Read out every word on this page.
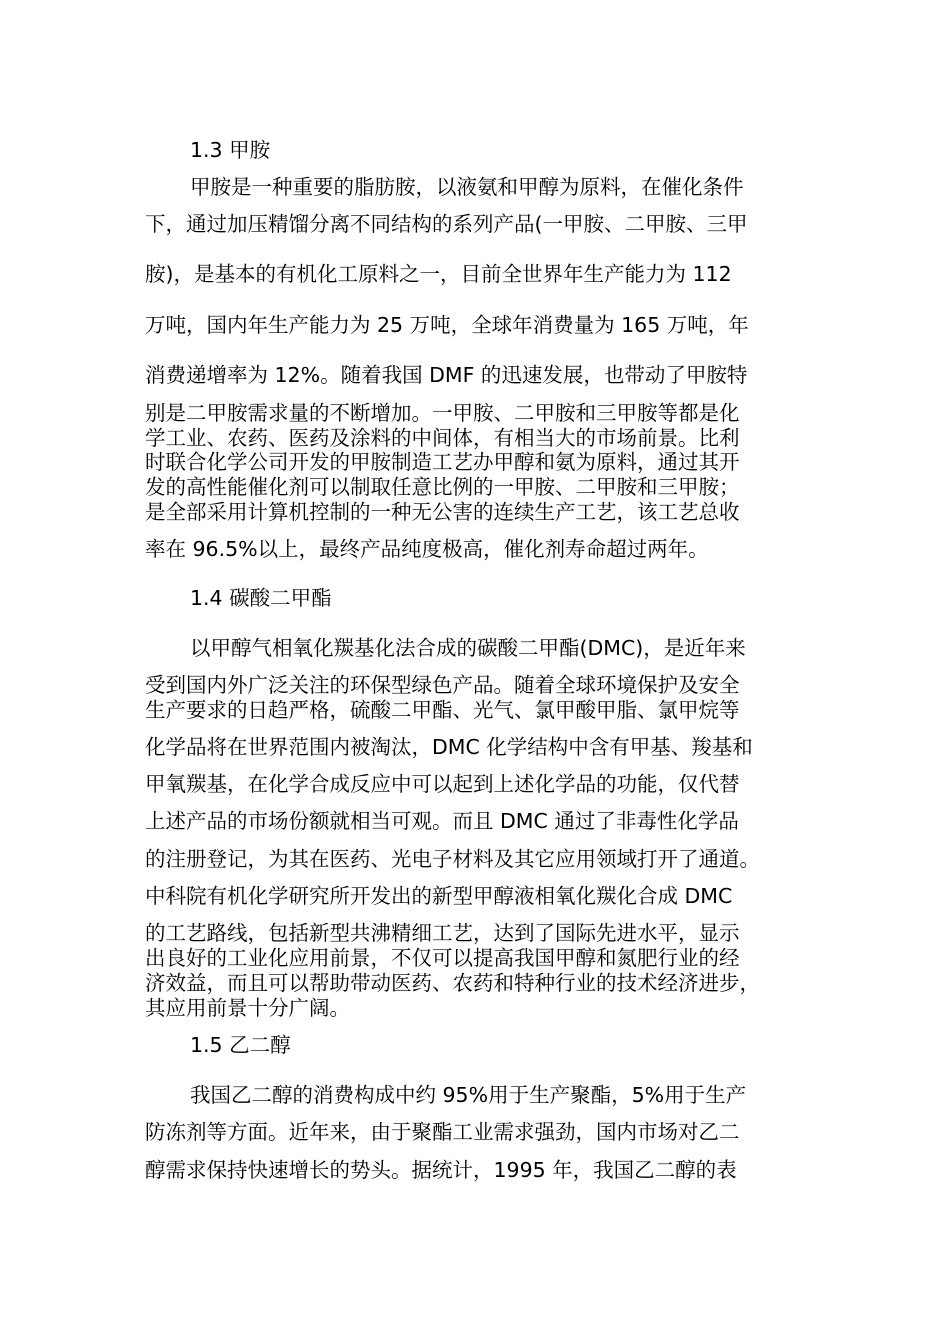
1.3 甲胺
甲胺是一种重要的脂肪胺，以液氨和甲醇为原料，在催化条件
下，通过加压精馏分离不同结构的系列产品(一甲胺、二甲胺、三甲
胺)，是基本的有机化工原料之一，目前全世界年生产能力为 112
万吨，国内年生产能力为 25 万吨，全球年消费量为 165 万吨，年
消费递增率为 12%。随着我国 DMF 的迅速发展，也带动了甲胺特
别是二甲胺需求量的不断增加。一甲胺、二甲胺和三甲胺等都是化
学工业、农药、医药及涂料的中间体，有相当大的市场前景。比利
时联合化学公司开发的甲胺制造工艺办甲醇和氨为原料，通过其开
发的高性能催化剂可以制取任意比例的一甲胺、二甲胺和三甲胺；
是全部采用计算机控制的一种无公害的连续生产工艺，该工艺总收
率在 96.5%以上，最终产品纯度极高，催化剂寿命超过两年。
1.4 碳酸二甲酯
以甲醇气相氧化羰基化法合成的碳酸二甲酯(DMC)，是近年来
受到国内外广泛关注的环保型绿色产品。随着全球环境保护及安全
生产要求的日趋严格，硫酸二甲酯、光气、氯甲酸甲脂、氯甲烷等
化学品将在世界范围内被淘汰，DMC 化学结构中含有甲基、羧基和
甲氧羰基，在化学合成反应中可以起到上述化学品的功能，仅代替
上述产品的市场份额就相当可观。而且 DMC 通过了非毒性化学品
的注册登记，为其在医药、光电子材料及其它应用领域打开了通道。
中科院有机化学研究所开发出的新型甲醇液相氧化羰化合成 DMC
的工艺路线，包括新型共沸精细工艺，达到了国际先进水平，显示
出良好的工业化应用前景，不仅可以提高我国甲醇和氮肥行业的经
济效益，而且可以帮助带动医药、农药和特种行业的技术经济进步，
其应用前景十分广阔。
1.5 乙二醇
我国乙二醇的消费构成中约 95%用于生产聚酯，5%用于生产
防冻剂等方面。近年来，由于聚酯工业需求强劲，国内市场对乙二
醇需求保持快速增长的势头。据统计，1995 年，我国乙二醇的表
